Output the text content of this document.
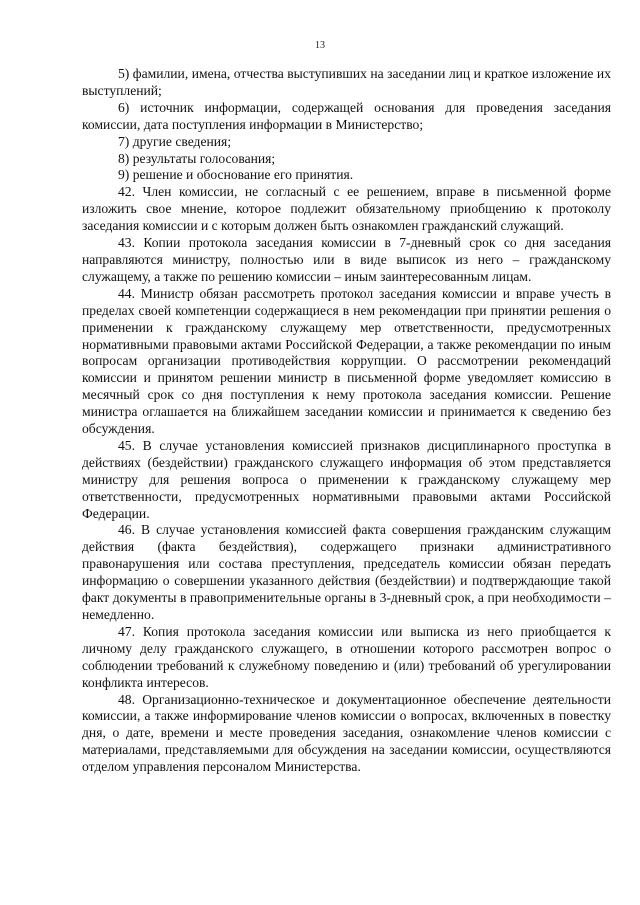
13

5) фамилии, имена, отчества выступивших на заседании лиц и краткое изложение их выступлений;

6) источник информации, содержащей основания для проведения заседания комиссии, дата поступления информации в Министерство;

7) другие сведения;

8) результаты голосования;

9) решение и обоснование его принятия.

42. Член комиссии, не согласный с ее решением, вправе в письменной форме изложить свое мнение, которое подлежит обязательному приобщению к протоколу заседания комиссии и с которым должен быть ознакомлен гражданский служащий.

43. Копии протокола заседания комиссии в 7-дневный срок со дня заседания направляются министру, полностью или в виде выписок из него – гражданскому служащему, а также по решению комиссии – иным заинтересованным лицам.

44. Министр обязан рассмотреть протокол заседания комиссии и вправе учесть в пределах своей компетенции содержащиеся в нем рекомендации при принятии решения о применении к гражданскому служащему мер ответственности, предусмотренных нормативными правовыми актами Российской Федерации, а также рекомендации по иным вопросам организации противодействия коррупции. О рассмотрении рекомендаций комиссии и принятом решении министр в письменной форме уведомляет комиссию в месячный срок со дня поступления к нему протокола заседания комиссии. Решение министра оглашается на ближайшем заседании комиссии и принимается к сведению без обсуждения.

45. В случае установления комиссией признаков дисциплинарного проступка в действиях (бездействии) гражданского служащего информация об этом представляется министру для решения вопроса о применении к гражданскому служащему мер ответственности, предусмотренных нормативными правовыми актами Российской Федерации.

46. В случае установления комиссией факта совершения гражданским служащим действия (факта бездействия), содержащего признаки административного правонарушения или состава преступления, председатель комиссии обязан передать информацию о совершении указанного действия (бездействии) и подтверждающие такой факт документы в правоприменительные органы в 3-дневный срок, а при необходимости – немедленно.

47. Копия протокола заседания комиссии или выписка из него приобщается к личному делу гражданского служащего, в отношении которого рассмотрен вопрос о соблюдении требований к служебному поведению и (или) требований об урегулировании конфликта интересов.

48. Организационно-техническое и документационное обеспечение деятельности комиссии, а также информирование членов комиссии о вопросах, включенных в повестку дня, о дате, времени и месте проведения заседания, ознакомление членов комиссии с материалами, представляемыми для обсуждения на заседании комиссии, осуществляются отделом управления персоналом Министерства.
